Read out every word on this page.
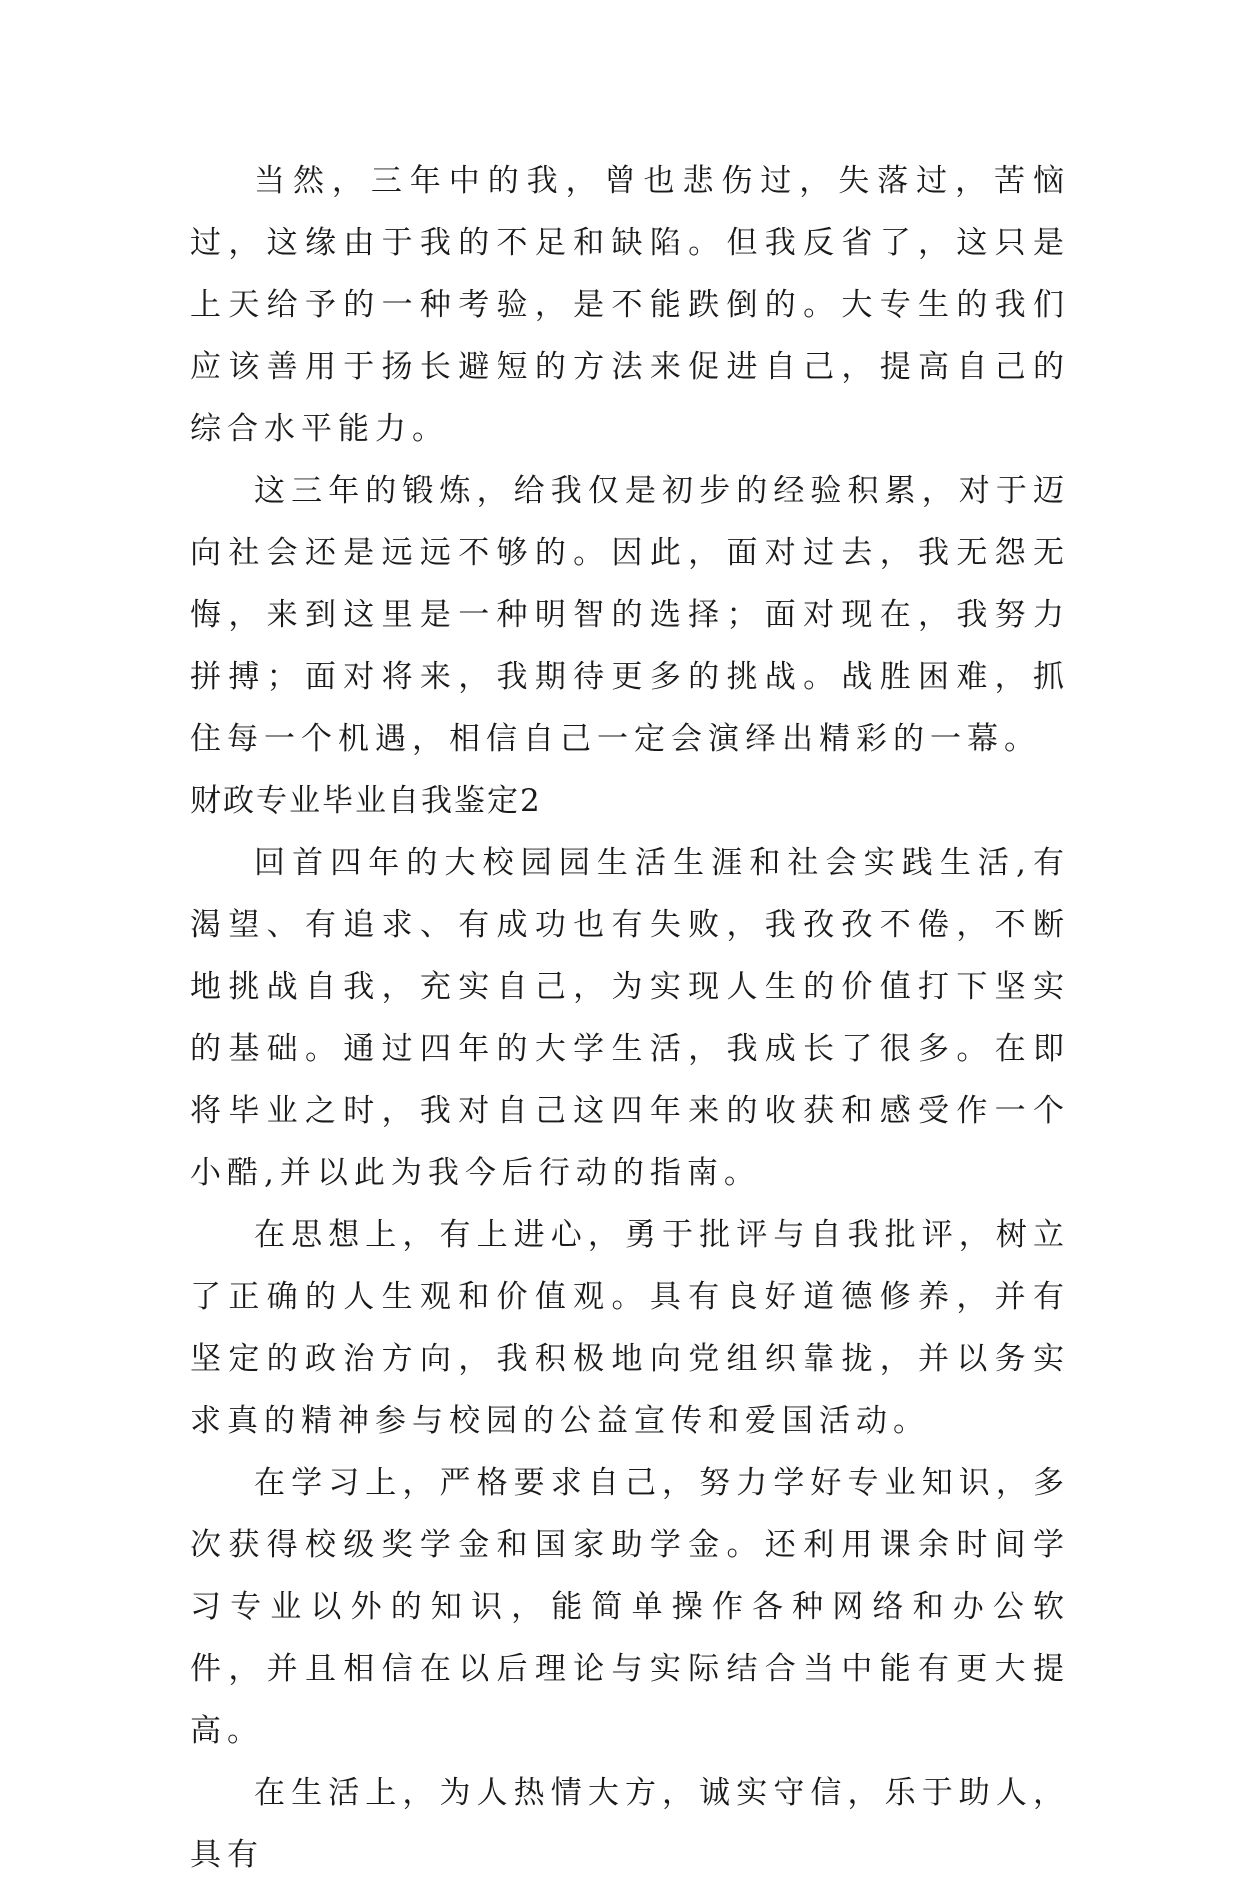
当然，三年中的我，曾也悲伤过，失落过，苦恼过，这缘由于我的不足和缺陷。但我反省了，这只是上天给予的一种考验，是不能跌倒的。大专生的我们应该善用于扬长避短的方法来促进自己，提高自己的综合水平能力。

这三年的锻炼，给我仅是初步的经验积累，对于迈向社会还是远远不够的。因此，面对过去，我无怨无悔，来到这里是一种明智的选择；面对现在，我努力拼搏；面对将来，我期待更多的挑战。战胜困难，抓住每一个机遇，相信自己一定会演绎出精彩的一幕。

财政专业毕业自我鉴定2

回首四年的大校园园生活生涯和社会实践生活,有渴望、有追求、有成功也有失败，我孜孜不倦，不断地挑战自我，充实自己，为实现人生的价值打下坚实的基础。通过四年的大学生活，我成长了很多。在即将毕业之时，我对自己这四年来的收获和感受作一个小酷,并以此为我今后行动的指南。

在思想上，有上进心，勇于批评与自我批评，树立了正确的人生观和价值观。具有良好道德修养，并有坚定的政治方向，我积极地向党组织靠拢，并以务实求真的精神参与校园的公益宣传和爱国活动。

在学习上，严格要求自己，努力学好专业知识，多次获得校级奖学金和国家助学金。还利用课余时间学习专业以外的知识，能简单操作各种网络和办公软件，并且相信在以后理论与实际结合当中能有更大提高。

在生活上，为人热情大方，诚实守信，乐于助人，具有
